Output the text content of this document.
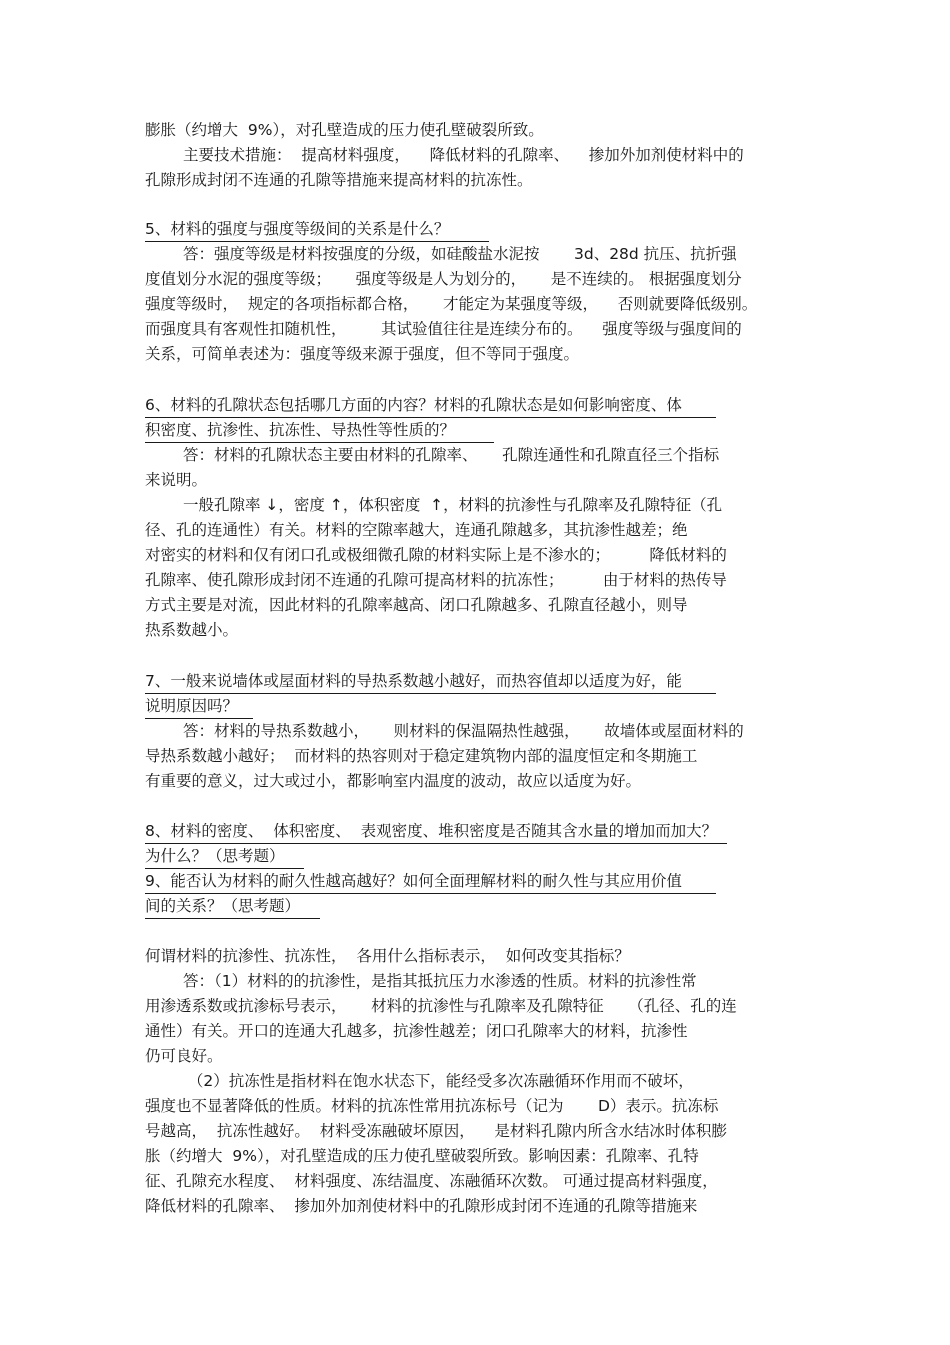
膨胀（约增大  9%），对孔壁造成的压力使孔壁破裂所致。
主要技术措施：  提高材料强度，    降低材料的孔隙率、    掺加外加剂使材料中的
孔隙形成封闭不连通的孔隙等措施来提高材料的抗冻性。
5、材料的强度与强度等级间的关系是什么？
答：强度等级是材料按强度的分级，如硅酸盐水泥按       3d、28d 抗压、抗折强
度值划分水泥的强度等级；     强度等级是人为划分的，     是不连续的。 根据强度划分
强度等级时，  规定的各项指标都合格，     才能定为某强度等级，    否则就要降低级别。
而强度具有客观性扣随机性，       其试验值往往是连续分布的。    强度等级与强度间的
关系，可简单表述为：强度等级来源于强度，但不等同于强度。
6、材料的孔隙状态包括哪几方面的内容？材料的孔隙状态是如何影响密度、体
积密度、抗渗性、抗冻性、导热性等性质的？
答：材料的孔隙状态主要由材料的孔隙率、     孔隙连通性和孔隙直径三个指标
来说明。
一般孔隙率 ↓，密度 ↑，体积密度  ↑，材料的抗渗性与孔隙率及孔隙特征（孔
径、孔的连通性）有关。材料的空隙率越大，连通孔隙越多，其抗渗性越差；绝
对密实的材料和仅有闭口孔或极细微孔隙的材料实际上是不渗水的；        降低材料的
孔隙率、使孔隙形成封闭不连通的孔隙可提高材料的抗冻性；        由于材料的热传导
方式主要是对流，因此材料的孔隙率越高、闭口孔隙越多、孔隙直径越小，则导
热系数越小。
7、一般来说墙体或屋面材料的导热系数越小越好，而热容值却以适度为好，能
说明原因吗？
答：材料的导热系数越小，     则材料的保温隔热性越强，     故墙体或屋面材料的
导热系数越小越好；  而材料的热容则对于稳定建筑物内部的温度恒定和冬期施工
有重要的意义，过大或过小，都影响室内温度的波动，故应以适度为好。
8、材料的密度、  体积密度、  表观密度、堆积密度是否随其含水量的增加而加大？
为什么？（思考题）
9、能否认为材料的耐久性越高越好？如何全面理解材料的耐久性与其应用价值
间的关系？（思考题）
何谓材料的抗渗性、抗冻性，  各用什么指标表示，  如何改变其指标？
答：（1）材料的的抗渗性，是指其抵抗压力水渗透的性质。材料的抗渗性常
用渗透系数或抗渗标号表示，     材料的抗渗性与孔隙率及孔隙特征     （孔径、孔的连
通性）有关。开口的连通大孔越多，抗渗性越差；闭口孔隙率大的材料，抗渗性
仍可良好。
（2）抗冻性是指材料在饱水状态下，能经受多次冻融循环作用而不破坏，
强度也不显著降低的性质。材料的抗冻性常用抗冻标号（记为       D）表示。抗冻标
号越高，  抗冻性越好。  材料受冻融破坏原因，    是材料孔隙内所含水结冰时体积膨
胀（约增大  9%），对孔壁造成的压力使孔壁破裂所致。影响因素：孔隙率、孔特
征、孔隙充水程度、  材料强度、冻结温度、冻融循环次数。 可通过提高材料强度，
降低材料的孔隙率、  掺加外加剂使材料中的孔隙形成封闭不连通的孔隙等措施来
